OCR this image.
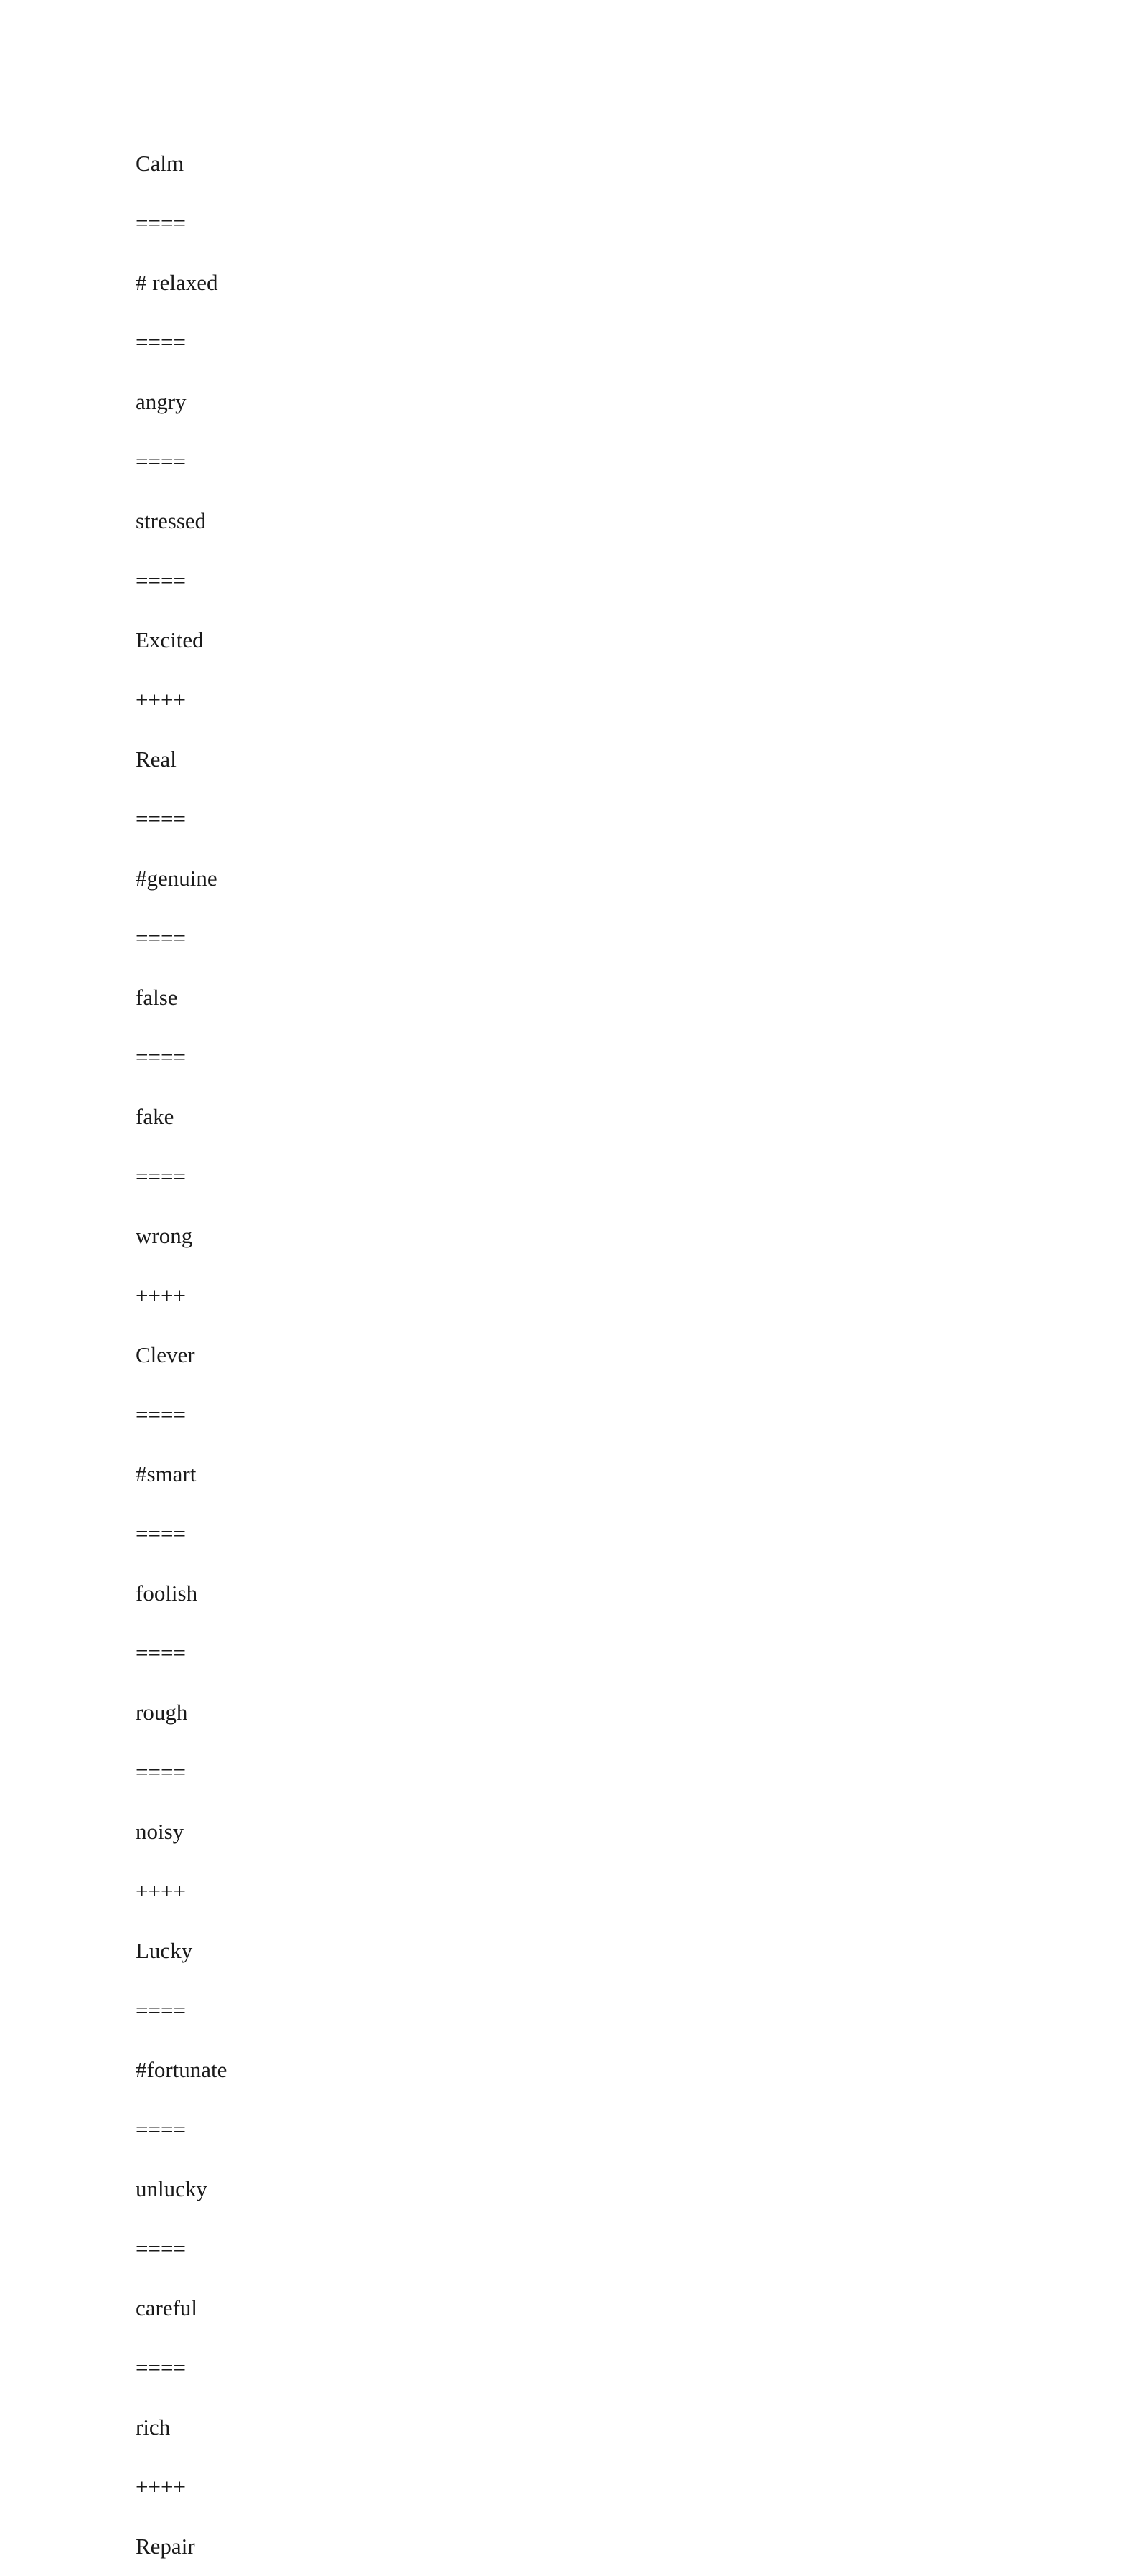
Calm
====
# relaxed
====
angry
====
stressed
====
Excited
++++
Real
====
#genuine
====
false
====
fake
====
wrong
++++
Clever
====
#smart
====
foolish
====
rough
====
noisy
++++
Lucky
====
#fortunate
====
unlucky
====
careful
====
rich
++++
Repair
